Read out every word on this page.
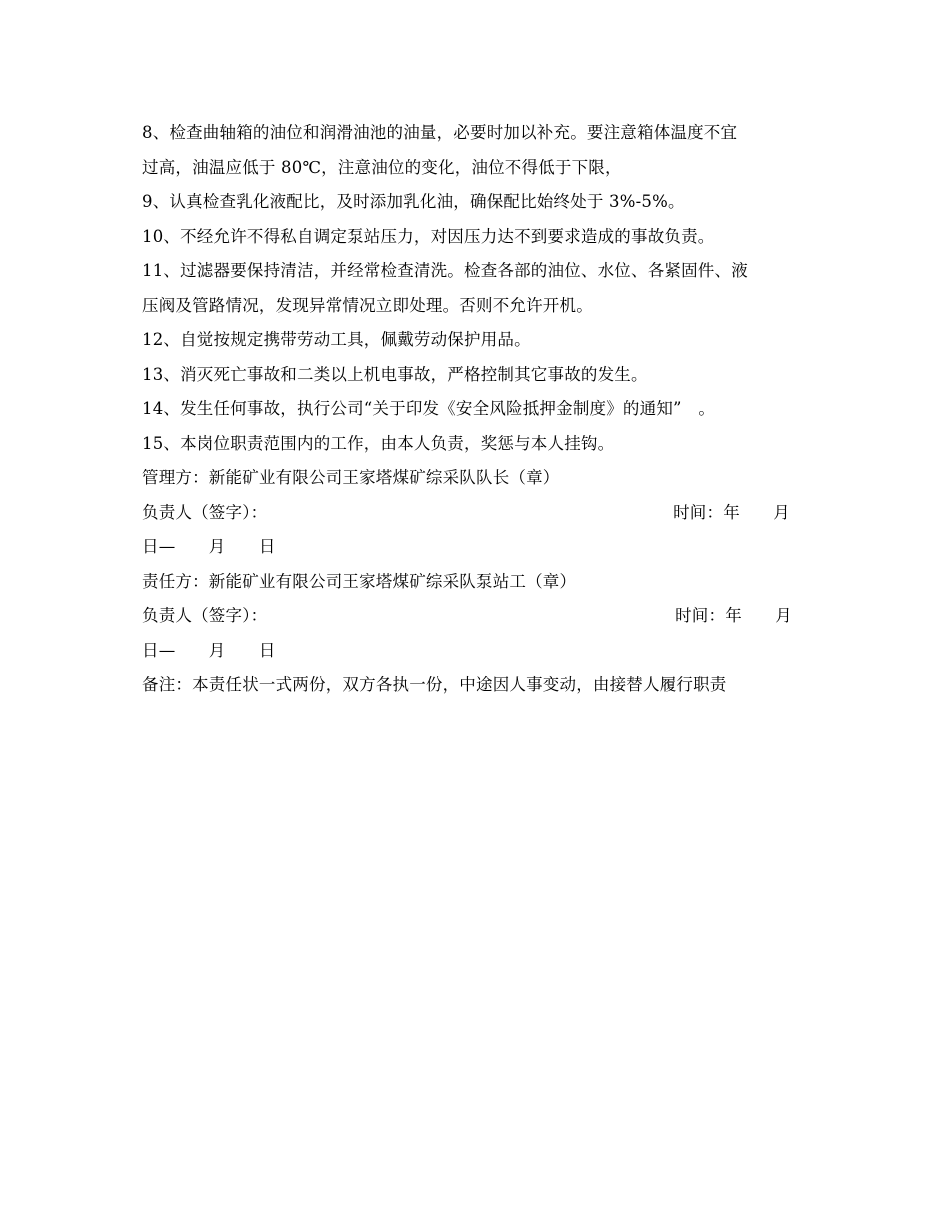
8、检查曲轴箱的油位和润滑油池的油量，必要时加以补充。要注意箱体温度不宜
过高，油温应低于 80℃，注意油位的变化，油位不得低于下限，
9、认真检查乳化液配比，及时添加乳化油，确保配比始终处于 3%-5%。
10、不经允许不得私自调定泵站压力，对因压力达不到要求造成的事故负责。
11、过滤器要保持清洁，并经常检查清洗。检查各部的油位、水位、各紧固件、液
压阀及管路情况，发现异常情况立即处理。否则不允许开机。
12、自觉按规定携带劳动工具，佩戴劳动保护用品。
13、消灭死亡事故和二类以上机电事故，严格控制其它事故的发生。
14、发生任何事故，执行公司“关于印发《安全风险抵押金制度》的通知”　。
15、本岗位职责范围内的工作，由本人负责，奖惩与本人挂钩。
管理方：新能矿业有限公司王家塔煤矿综采队队长（章）
负责人（签字）：	时间：年　　月
日—　　月　　日
责任方：新能矿业有限公司王家塔煤矿综采队泵站工（章）
负责人（签字）：	时间：年　　月
日—　　月　　日
备注：本责任状一式两份，双方各执一份，中途因人事变动，由接替人履行职责
